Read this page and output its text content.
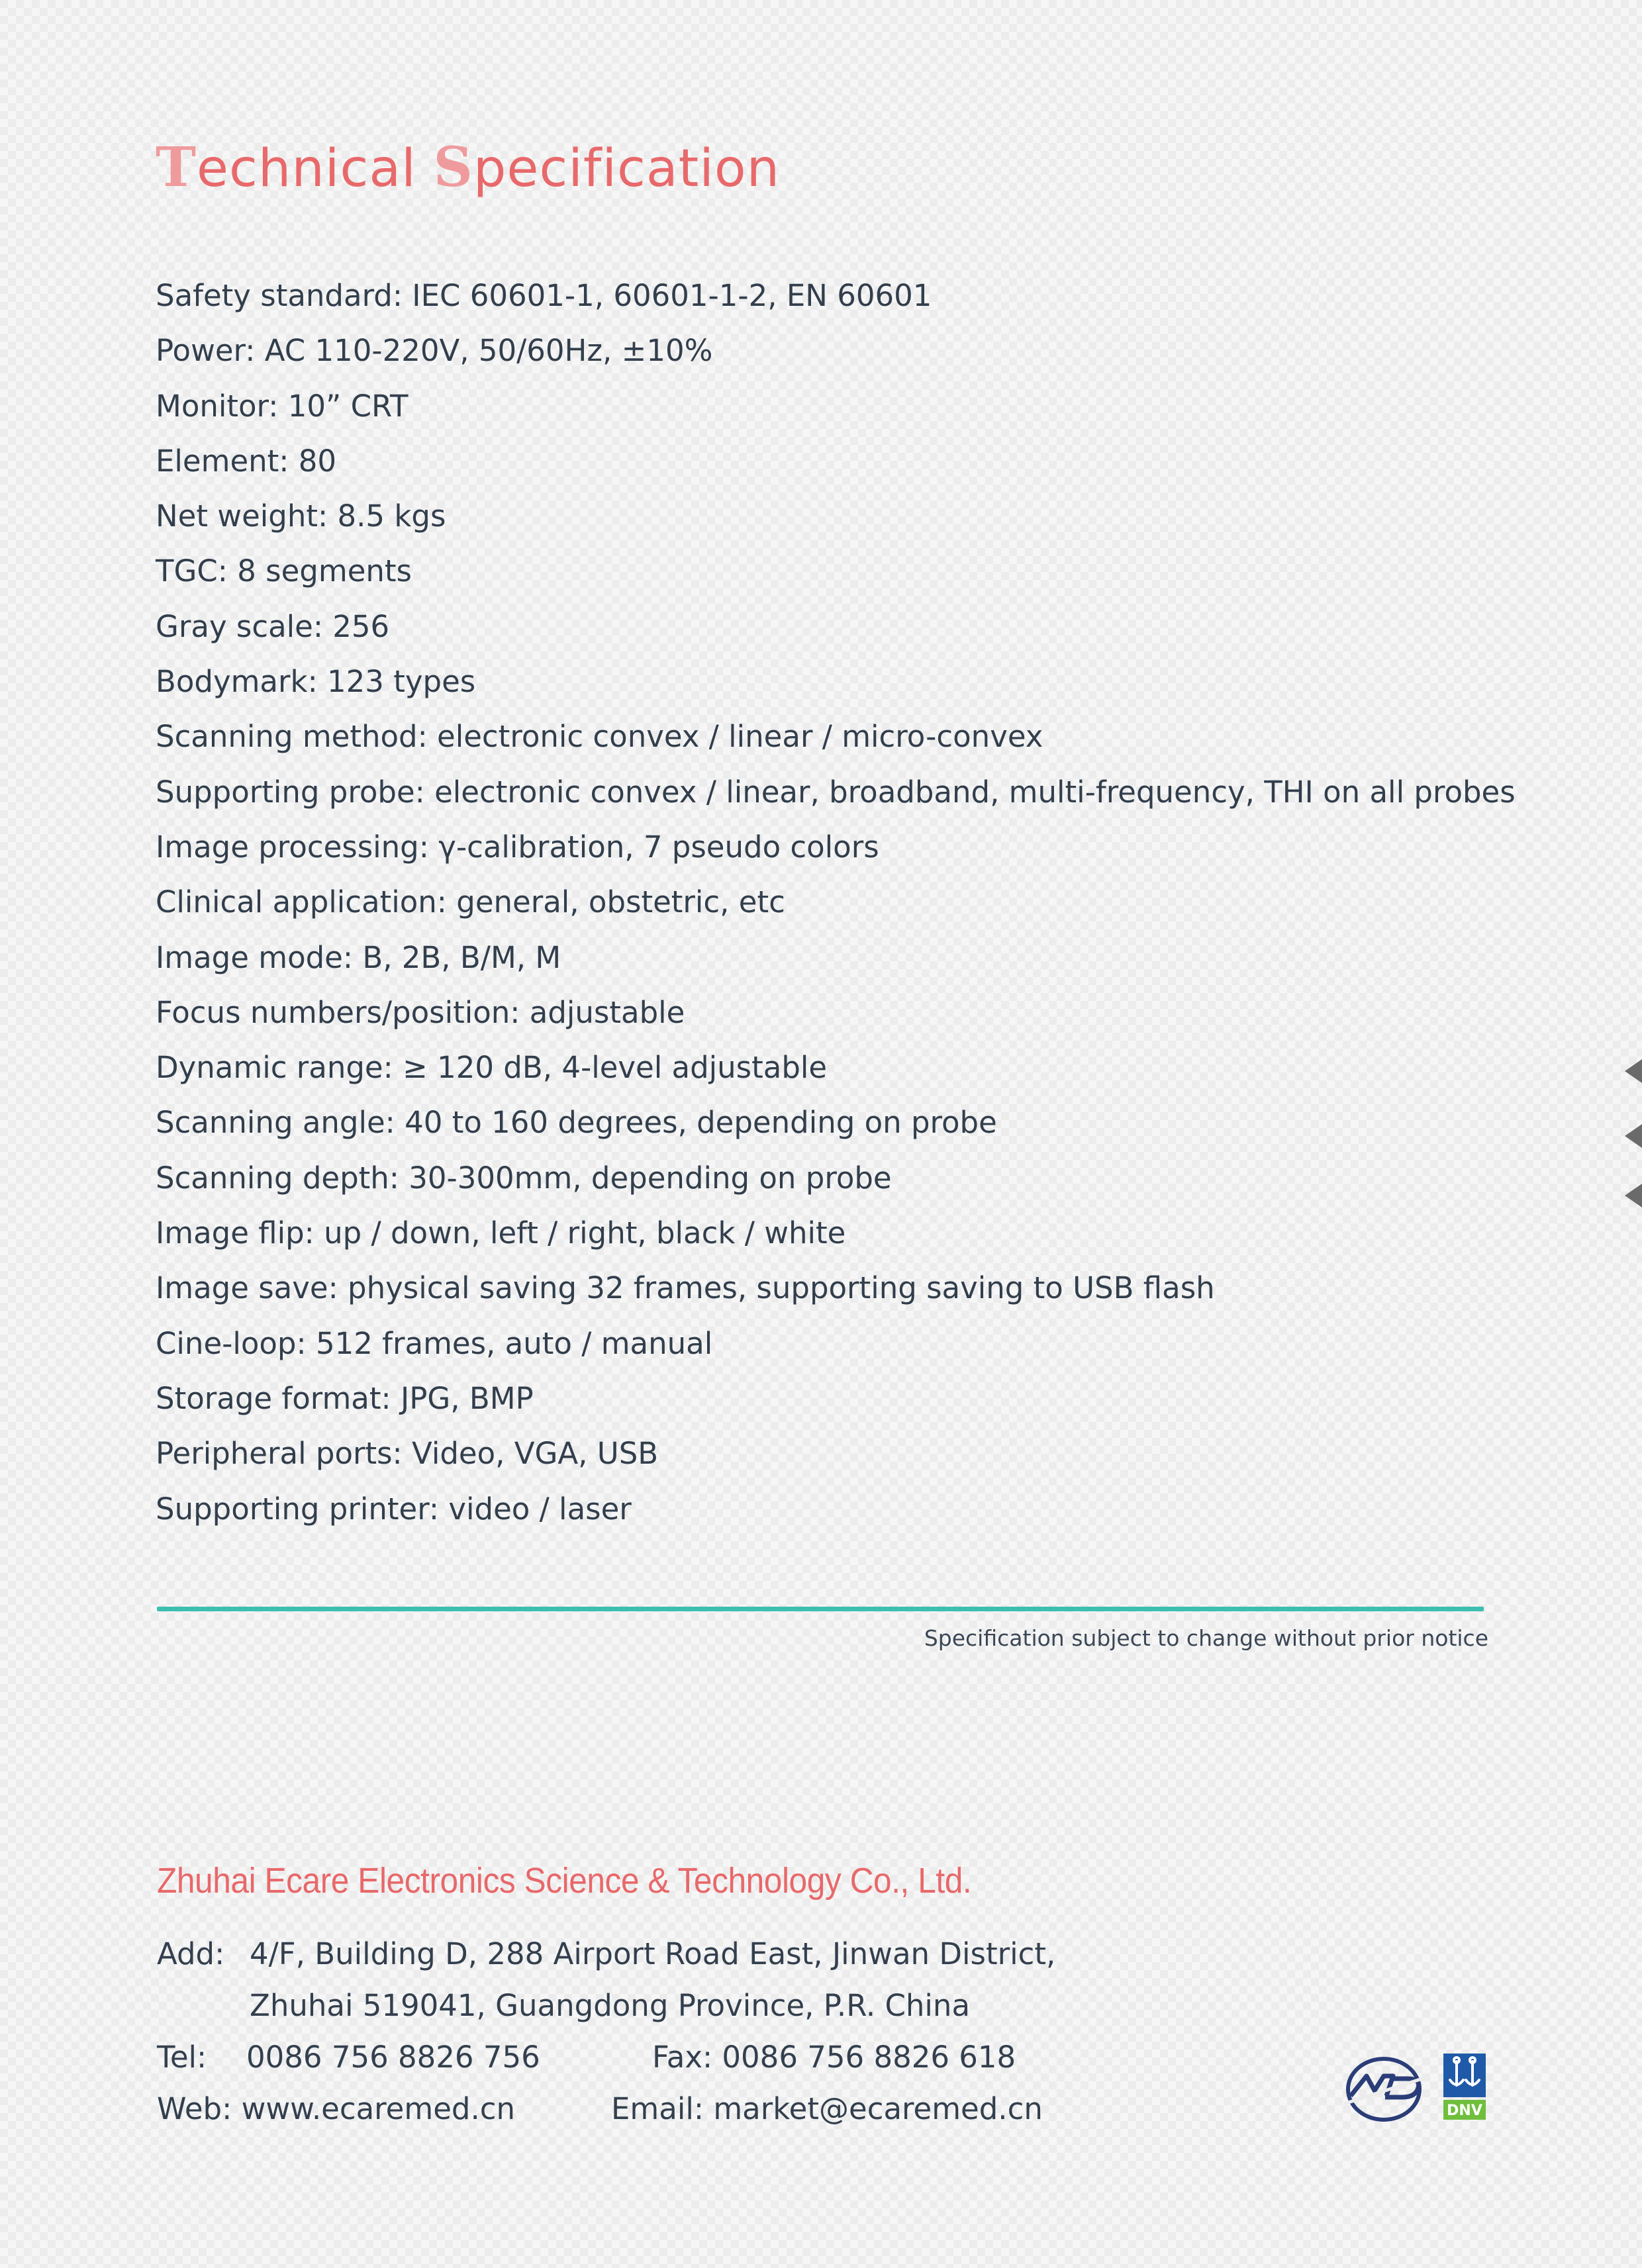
Technical Specification
Safety standard: IEC 60601-1, 60601-1-2, EN 60601
Power: AC 110-220V, 50/60Hz, ±10%
Monitor: 10” CRT
Element: 80
Net weight: 8.5 kgs
TGC: 8 segments
Gray scale: 256
Bodymark: 123 types
Scanning method: electronic convex / linear / micro-convex
Supporting probe: electronic convex / linear, broadband, multi-frequency, THI on all probes
Image processing: γ-calibration, 7 pseudo colors
Clinical application: general, obstetric, etc
Image mode: B, 2B, B/M, M
Focus numbers/position: adjustable
Dynamic range: ≥ 120 dB, 4-level adjustable
Scanning angle: 40 to 160 degrees, depending on probe
Scanning depth: 30-300mm, depending on probe
Image flip: up / down, left / right, black / white
Image save: physical saving 32 frames, supporting saving to USB flash
Cine-loop: 512 frames, auto / manual
Storage format: JPG, BMP
Peripheral ports: Video, VGA, USB
Supporting printer: video / laser
Specification subject to change without prior notice
Zhuhai Ecare Electronics Science & Technology Co., Ltd.
Add: 4/F, Building D, 288 Airport Road East, Jinwan District,
Zhuhai 519041, Guangdong Province, P.R. China
Tel: 0086 756 8826 756	Fax: 0086 756 8826 618
Web: www.ecaremed.cn	Email: market@ecaremed.cn	DNV
